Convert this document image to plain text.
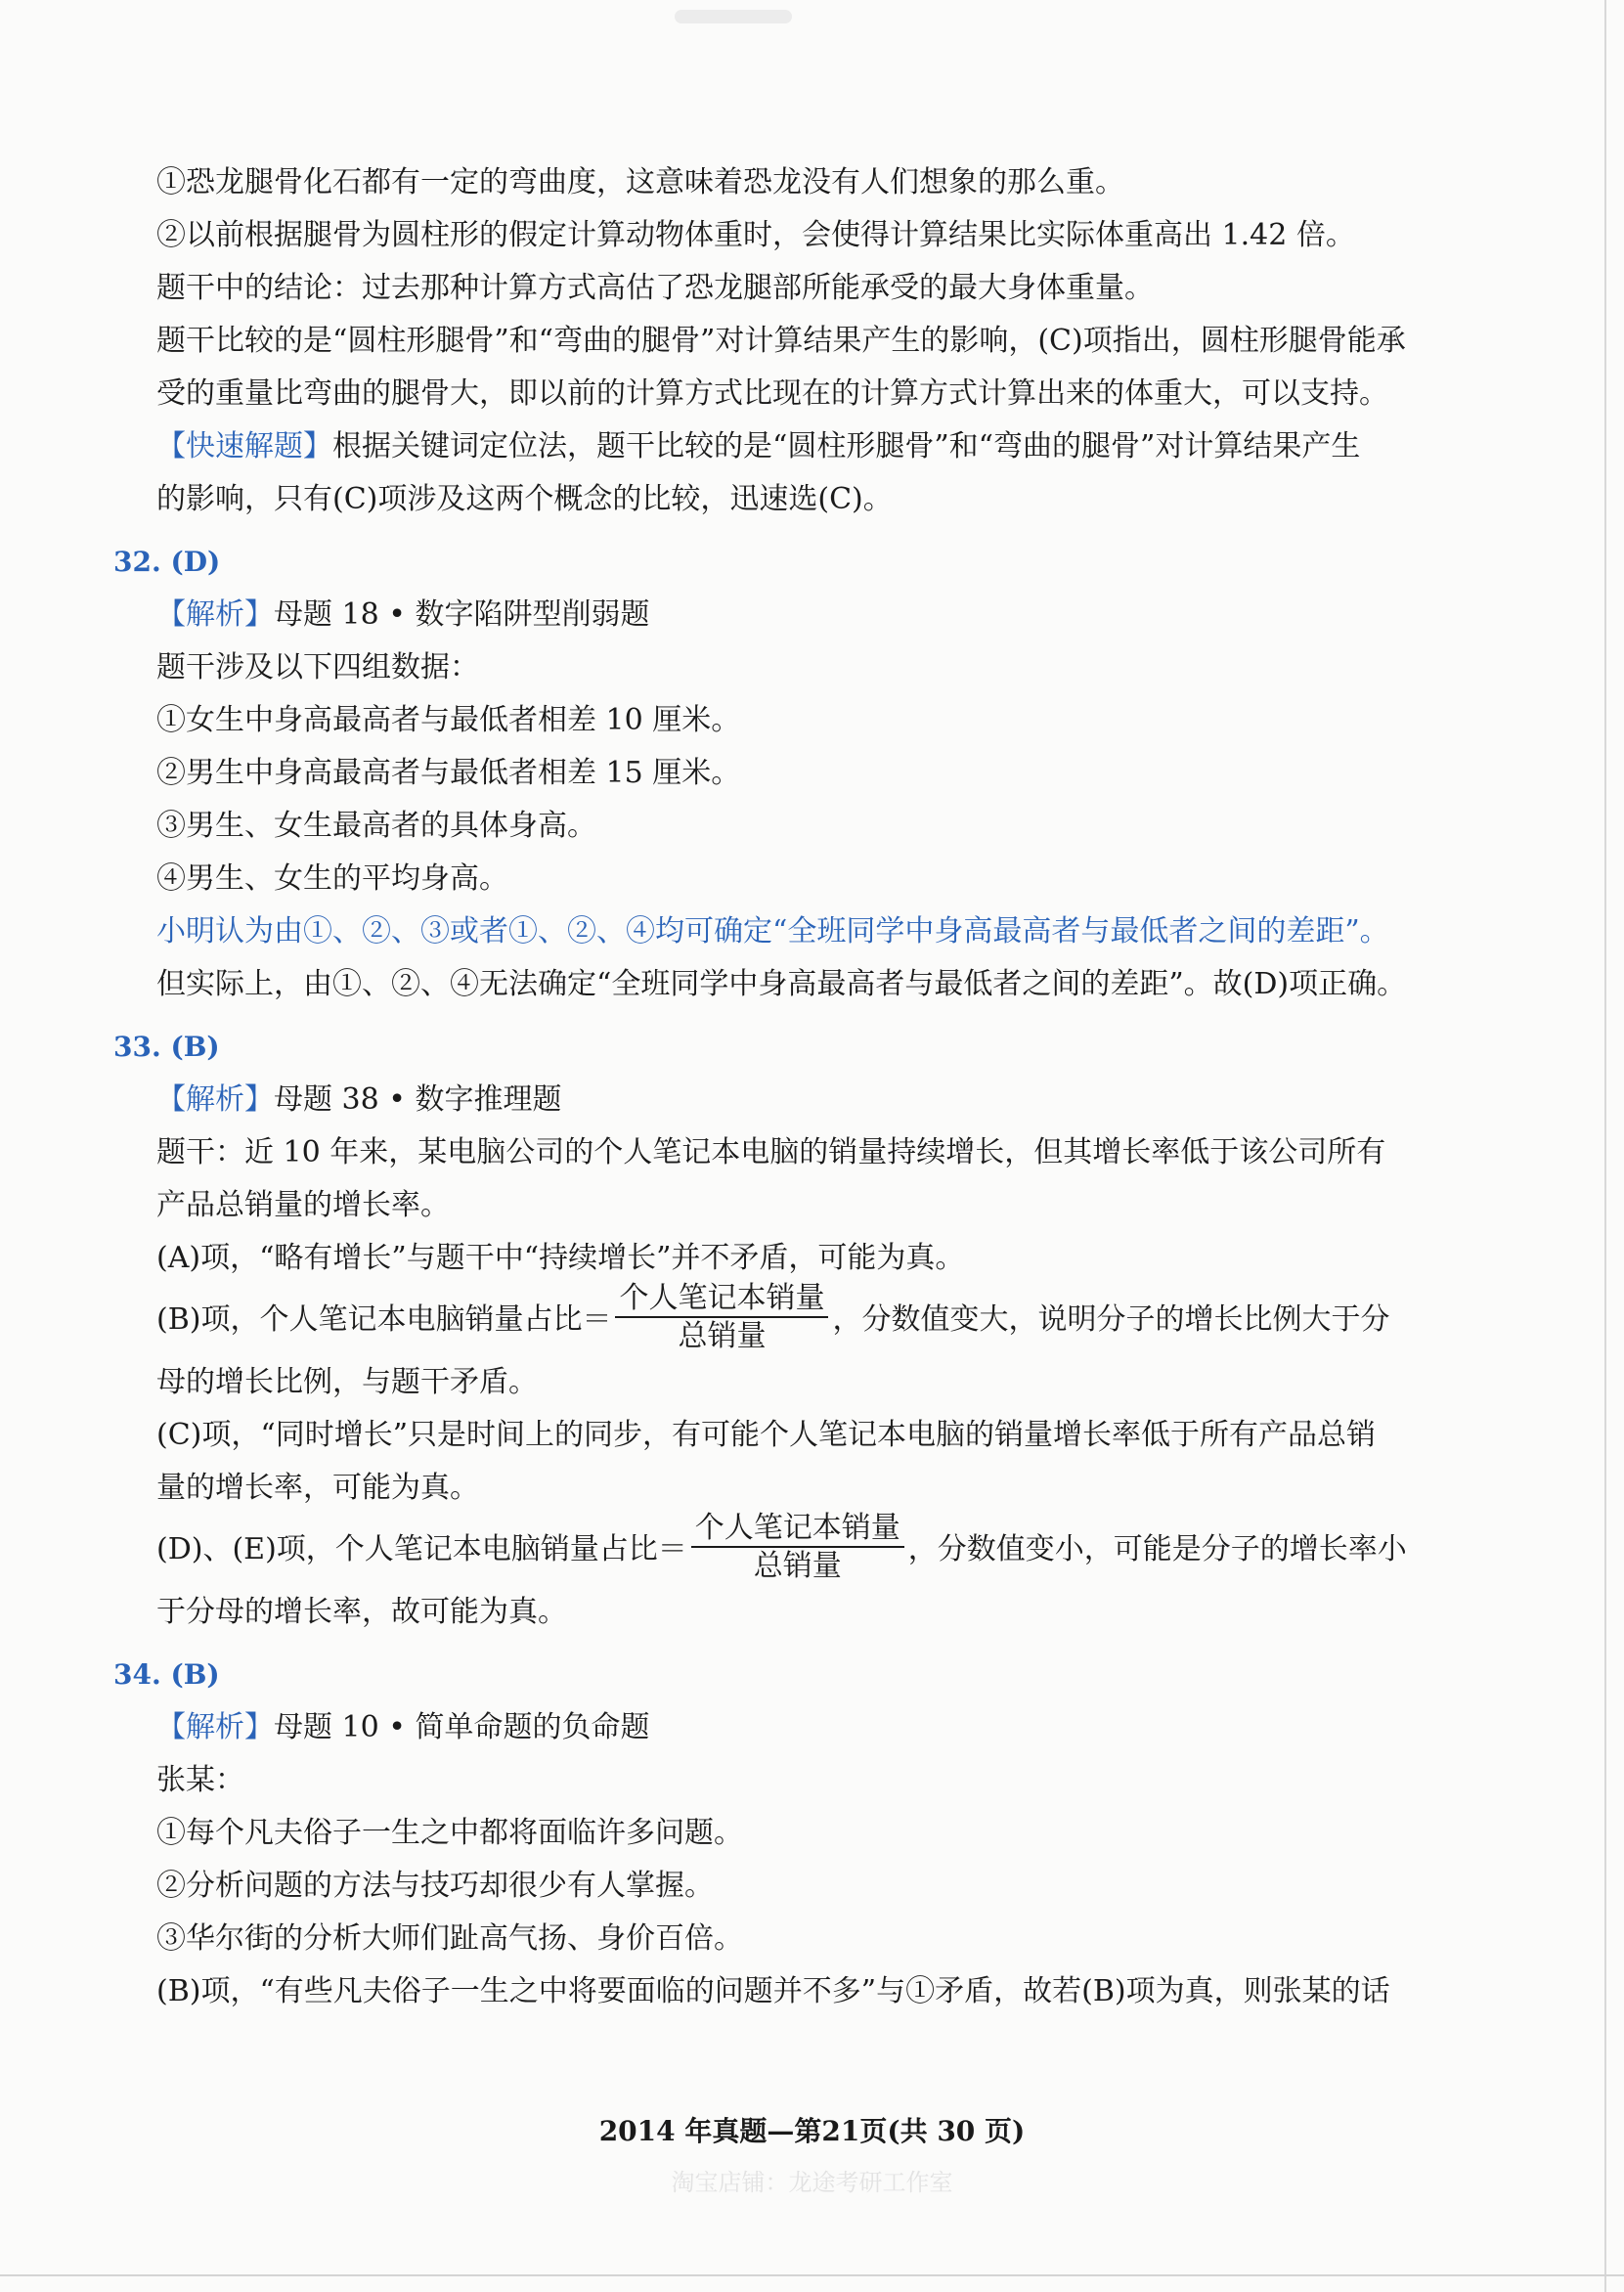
①恐龙腿骨化石都有一定的弯曲度，这意味着恐龙没有人们想象的那么重。
②以前根据腿骨为圆柱形的假定计算动物体重时，会使得计算结果比实际体重高出 1.42 倍。
题干中的结论：过去那种计算方式高估了恐龙腿部所能承受的最大身体重量。
题干比较的是“圆柱形腿骨”和“弯曲的腿骨”对计算结果产生的影响，(C)项指出，圆柱形腿骨能承
受的重量比弯曲的腿骨大，即以前的计算方式比现在的计算方式计算出来的体重大，可以支持。
【快速解题】根据关键词定位法，题干比较的是“圆柱形腿骨”和“弯曲的腿骨”对计算结果产生
的影响，只有(C)项涉及这两个概念的比较，迅速选(C)。
32. (D)
【解析】母题 18 • 数字陷阱型削弱题
题干涉及以下四组数据：
①女生中身高最高者与最低者相差 10 厘米。
②男生中身高最高者与最低者相差 15 厘米。
③男生、女生最高者的具体身高。
④男生、女生的平均身高。
小明认为由①、②、③或者①、②、④均可确定“全班同学中身高最高者与最低者之间的差距”。
但实际上，由①、②、④无法确定“全班同学中身高最高者与最低者之间的差距”。故(D)项正确。
33. (B)
【解析】母题 38 • 数字推理题
题干：近 10 年来，某电脑公司的个人笔记本电脑的销量持续增长，但其增长率低于该公司所有
产品总销量的增长率。
(A)项，“略有增长”与题干中“持续增长”并不矛盾，可能为真。
(B)项，个人笔记本电脑销量占比＝ $\frac{\text{个人笔记本销量}}{\text{总销量}}$ ，分数值变大，说明分子的增长比例大于分
母的增长比例，与题干矛盾。
(C)项，“同时增长”只是时间上的同步，有可能个人笔记本电脑的销量增长率低于所有产品总销
量的增长率，可能为真。
(D)、(E)项，个人笔记本电脑销量占比＝ $\frac{\text{个人笔记本销量}}{\text{总销量}}$ ，分数值变小，可能是分子的增长率小
于分母的增长率，故可能为真。
34. (B)
【解析】母题 10 • 简单命题的负命题
张某：
①每个凡夫俗子一生之中都将面临许多问题。
②分析问题的方法与技巧却很少有人掌握。
③华尔街的分析大师们趾高气扬、身价百倍。
(B)项，“有些凡夫俗子一生之中将要面临的问题并不多”与①矛盾，故若(B)项为真，则张某的话
2014 年真题—第21页(共 30 页)
淘宝店铺：龙途考研工作室
